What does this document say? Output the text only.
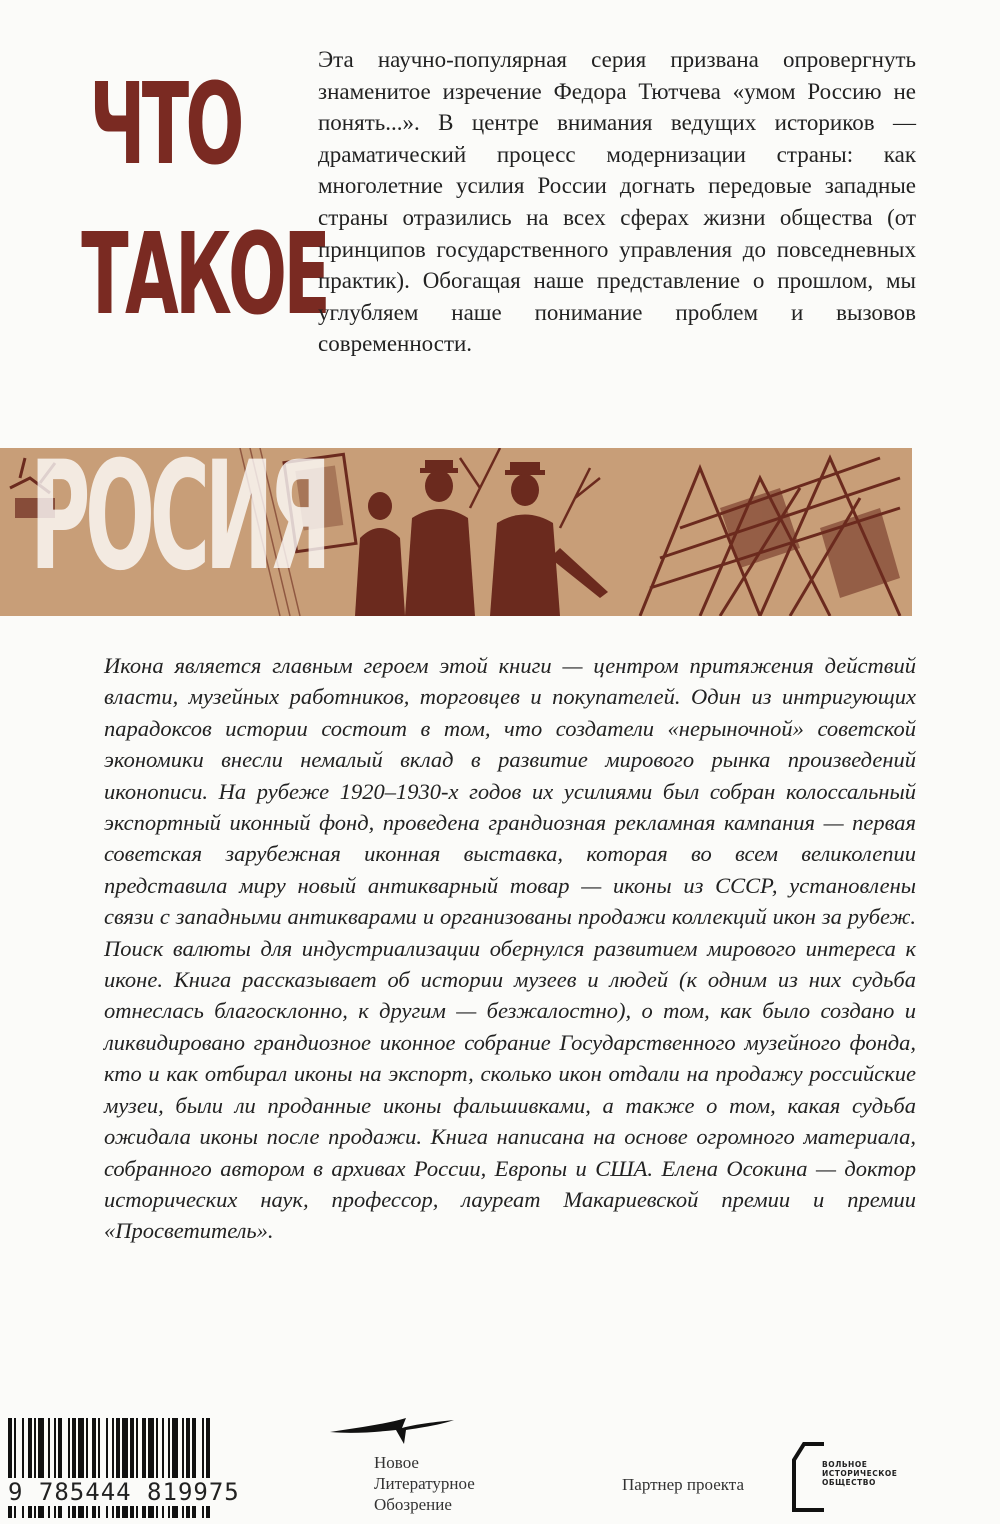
ЧТО
ТАКОЕ

Эта научно-популярная серия призвана опровергнуть знаменитое изречение Федора Тютчева «умом Россию не понять...». В центре внимания ведущих историков — драматический процесс модернизации страны: как многолетние усилия России догнать передовые западные страны отразились на всех сферах жизни общества (от принципов государственного управления до повседневных практик). Обогащая наше представление о прошлом, мы углубляем наше понимание проблем и вызовов современности.

РОСИЯ

Икона является главным героем этой книги — центром притяжения действий власти, музейных работников, торговцев и покупателей. Один из интригующих парадоксов истории состоит в том, что создатели «нерыночной» советской экономики внесли немалый вклад в развитие мирового рынка произведений иконописи. На рубеже 1920–1930-х годов их усилиями был собран колоссальный экспортный иконный фонд, проведена грандиозная рекламная кампания — первая советская зарубежная иконная выставка, которая во всем великолепии представила миру новый антикварный товар — иконы из СССР, установлены связи с западными антикварами и организованы продажи коллекций икон за рубеж. Поиск валюты для индустриализации обернулся развитием мирового интереса к иконе. Книга рассказывает об истории музеев и людей (к одним из них судьба отнеслась благосклонно, к другим — безжалостно), о том, как было создано и ликвидировано грандиозное иконное собрание Государственного музейного фонда, кто и как отбирал иконы на экспорт, сколько икон отдали на продажу российские музеи, были ли проданные иконы фальшивками, а также о том, какая судьба ожидала иконы после продажи. Книга написана на основе огромного материала, собранного автором в архивах России, Европы и США. Елена Осокина — доктор исторических наук, профессор, лауреат Макариевской премии и премии «Просветитель».

9 785444 819975
Новое
Литературное
Обозрение
Партнер проекта
ВОЛЬНОЕ
ИСТОРИЧЕСКОЕ
ОБЩЕСТВО
